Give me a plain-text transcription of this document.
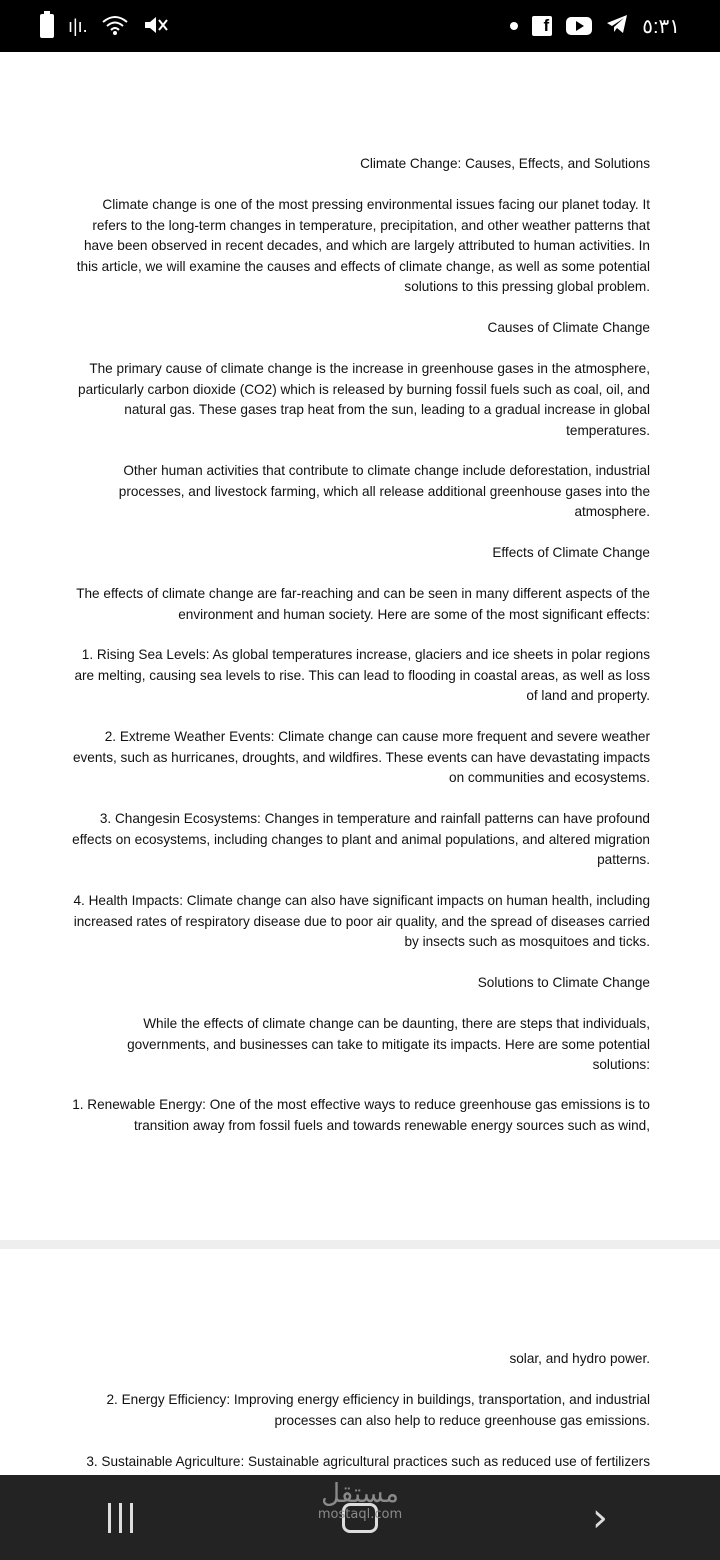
ı|ı.	f	٥:٣١

Climate Change: Causes, Effects, and Solutions

Climate change is one of the most pressing environmental issues facing our planet today. It refers to the long-term changes in temperature, precipitation, and other weather patterns that have been observed in recent decades, and which are largely attributed to human activities. In this article, we will examine the causes and effects of climate change, as well as some potential solutions to this pressing global problem.

Causes of Climate Change

The primary cause of climate change is the increase in greenhouse gases in the atmosphere, particularly carbon dioxide (CO2) which is released by burning fossil fuels such as coal, oil, and natural gas. These gases trap heat from the sun, leading to a gradual increase in global temperatures.

Other human activities that contribute to climate change include deforestation, industrial processes, and livestock farming, which all release additional greenhouse gases into the atmosphere.

Effects of Climate Change

The effects of climate change are far-reaching and can be seen in many different aspects of the environment and human society. Here are some of the most significant effects:

1. Rising Sea Levels: As global temperatures increase, glaciers and ice sheets in polar regions are melting, causing sea levels to rise. This can lead to flooding in coastal areas, as well as loss of land and property.

2. Extreme Weather Events: Climate change can cause more frequent and severe weather events, such as hurricanes, droughts, and wildfires. These events can have devastating impacts on communities and ecosystems.

3. Changesin Ecosystems: Changes in temperature and rainfall patterns can have profound effects on ecosystems, including changes to plant and animal populations, and altered migration patterns.

4. Health Impacts: Climate change can also have significant impacts on human health, including increased rates of respiratory disease due to poor air quality, and the spread of diseases carried by insects such as mosquitoes and ticks.

Solutions to Climate Change

While the effects of climate change can be daunting, there are steps that individuals, governments, and businesses can take to mitigate its impacts. Here are some potential solutions:

1. Renewable Energy: One of the most effective ways to reduce greenhouse gas emissions is to transition away from fossil fuels and towards renewable energy sources such as wind,

solar, and hydro power.

2. Energy Efficiency: Improving energy efficiency in buildings, transportation, and industrial processes can also help to reduce greenhouse gas emissions.

3. Sustainable Agriculture: Sustainable agricultural practices such as reduced use of fertilizers

›
مستقل
mostaql.com
